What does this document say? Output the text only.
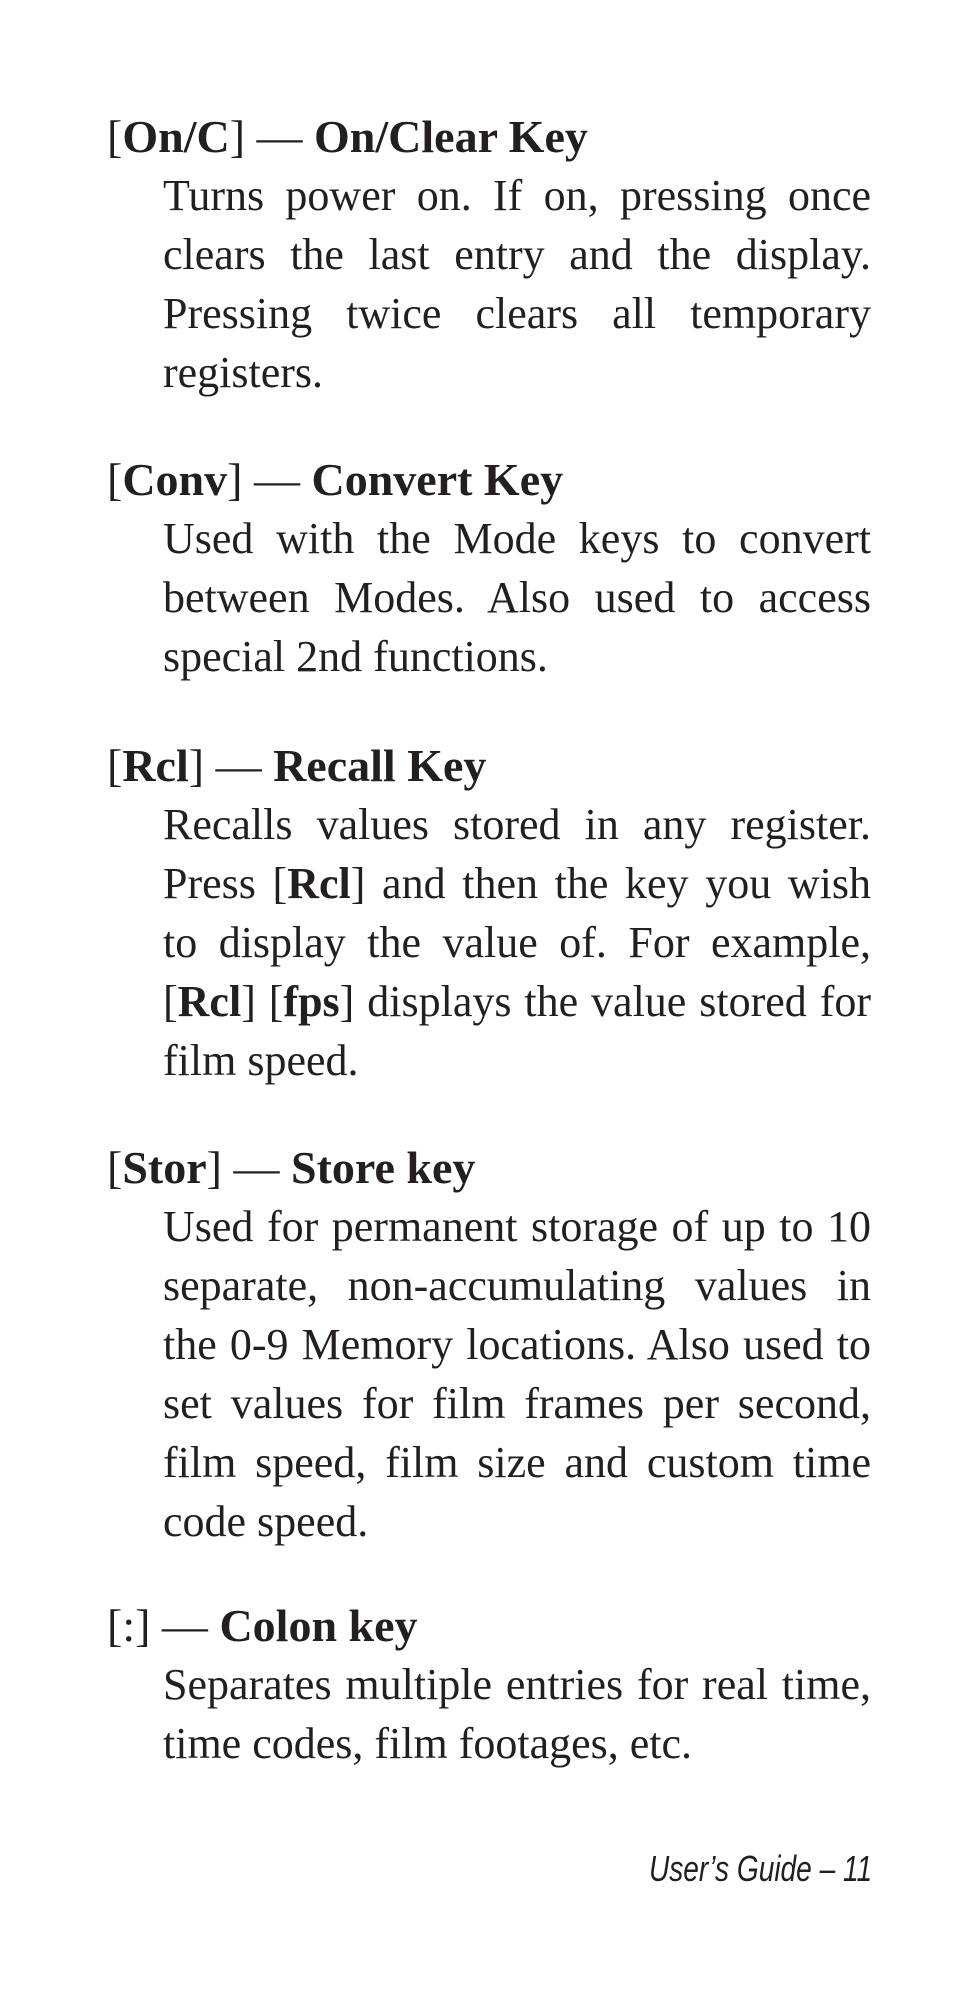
[On/C] — On/Clear Key
Turns power on. If on, pressing once clears the last entry and the display. Pressing twice clears all temporary registers.
[Conv] — Convert Key
Used with the Mode keys to convert between Modes. Also used to access special 2nd functions.
[Rcl] — Recall Key
Recalls values stored in any register. Press [Rcl] and then the key you wish to display the value of. For example, [Rcl] [fps] displays the value stored for film speed.
[Stor] — Store key
Used for permanent storage of up to 10 separate, non-accumulating values in the 0-9 Memory locations. Also used to set values for film frames per second, film speed, film size and custom time code speed.
[:] — Colon key
Separates multiple entries for real time, time codes, film footages, etc.
User’s Guide – 11
